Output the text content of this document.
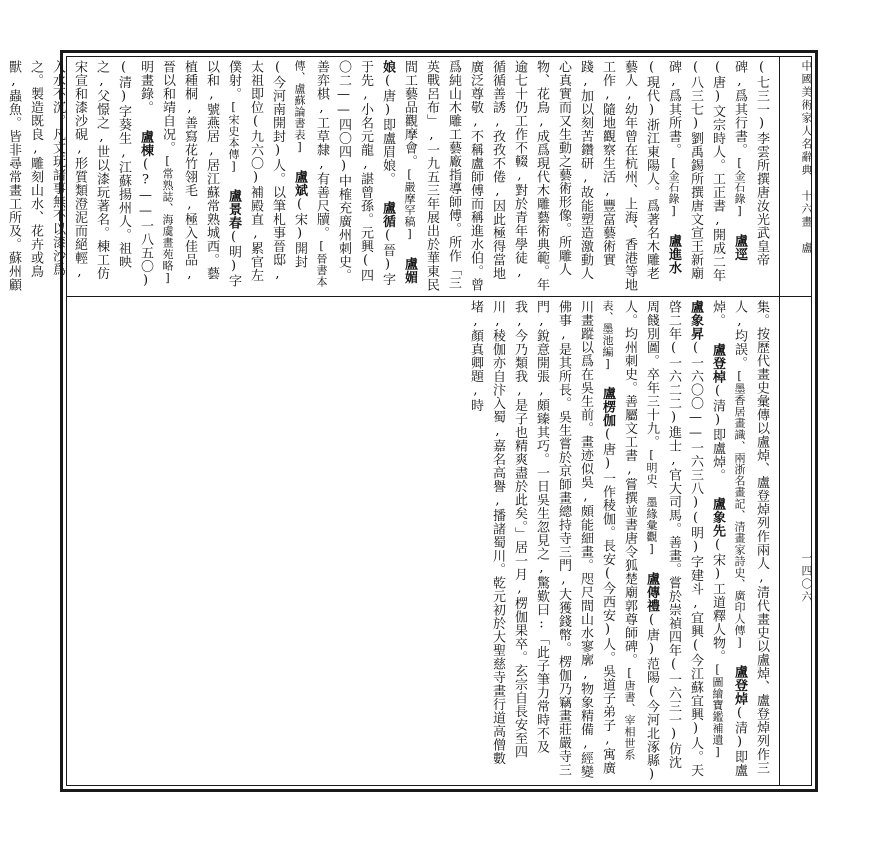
中國美術家人名辭典　十六畫　盧
一四〇六
(七三一)李雲所撰唐汝光武皇帝碑,爲其行書。[金石錄] 盧逕(唐)文宗時人。工正書,開成二年(八三七)劉禹錫所撰唐文宣王新廟碑,爲其所書。[金石錄] 盧進水(現代)浙江東陽人。爲著名木雕老藝人,幼年曾在杭州、上海、香港等地工作,隨地觀察生活,豐富藝術實踐,加以刻苦鑽研,故能塑造激動人心真實而又生動之藝術形像。所雕人物、花鳥,成爲現代木雕藝術典範。年逾七十仍工作不輟,對於青年學徒,循循善誘,孜孜不倦,因此極得當地廣泛尊敬,不稱盧師傅而稱進水伯。曾爲純山木雕工藝廠指導師傅。所作「三英戰呂布」,一九五三年展出於華東民間工藝品觀摩會。[嚴摩罕稿] 盧媚娘(唐)即盧眉娘。 盧循(晉)字于先,小名元龍,諶曾孫。元興(四〇二——四〇四)中榷充廣州刺史。善弈棋,工草隸,有善尺牘。[晉書本傳、盧蘇論書表] 盧斌(宋)開封(今河南開封)人。以筆札事晉邸,太祖即位(九六〇)補殿直,累官左僕射。[宋史本傳] 盧景春(明)字以和,號燕居,居江蘇常熟城西。藝植種桐,善寫花竹翎毛,極入佳品,晉以和靖自况。[常熟誌、海虞畫苑略] 明畫錄。 盧棟(?——一八五〇)(清)字葵生,江蘇揚州人。祖映之,父憬之,世以漆玩著名。棟工仿宋宣和漆沙硯,形質類澄泥而絕輕,入水不沉。凡文玩諸事無不以漆沙爲之。製造既良,雕刻山水、花卉或鳥獸,蟲魚。皆非尋常畫工所及。蘇州顧
集。按歷代畫史彙傳以盧焯、盧登焯列作兩人,清代畫史以盧焯、盧登焯列作三人,均誤。[墨香居畫識、兩浙名畫記、清畫家詩史、廣印人傳] 盧登焯(清)即盧焯。 盧登棹(清)即盧焯。 盧象先(宋)工道釋人物。[圖繪寶鑑補遺] 盧象昇(一六〇〇——一六三八)(明)字建斗,宜興(今江蘇宜興)人。天啓二年(一六二二)進士,官大司馬。善畫。嘗於崇禎四年(一六三一)仿沈周餞別圖。卒年三十九。[明史、墨緣彙觀] 盧傳禮(唐)范陽(今河北涿縣)人。均州刺史。善屬文工書,嘗撰並書唐令狐楚廟郭尊師碑。[唐書、宰相世系表、墨池編] 盧楞伽(唐)一作稜伽。長安(今西安)人。吳道子弟子,寓廣川畫蹤以爲在吳生前。畫迹似吳,頗能細畫。咫尺間山水寥廓,物象精備,經變佛事,是其所長。吳生嘗於京師畫總持寺三門,大獲錢幣。楞伽乃竊畫莊嚴寺三門,銳意開張,頗臻其巧。一日吳生忽見之,驚歎曰:「此子筆力常時不及我,今乃類我,是子也精爽盡於此矣。」居一月,楞伽果卒。玄宗自長安至四川,稜伽亦自汴入蜀,嘉名高譽,播諸蜀川。乾元初於大聖慈寺畫行道高僧數堵,顏真卿題,時
